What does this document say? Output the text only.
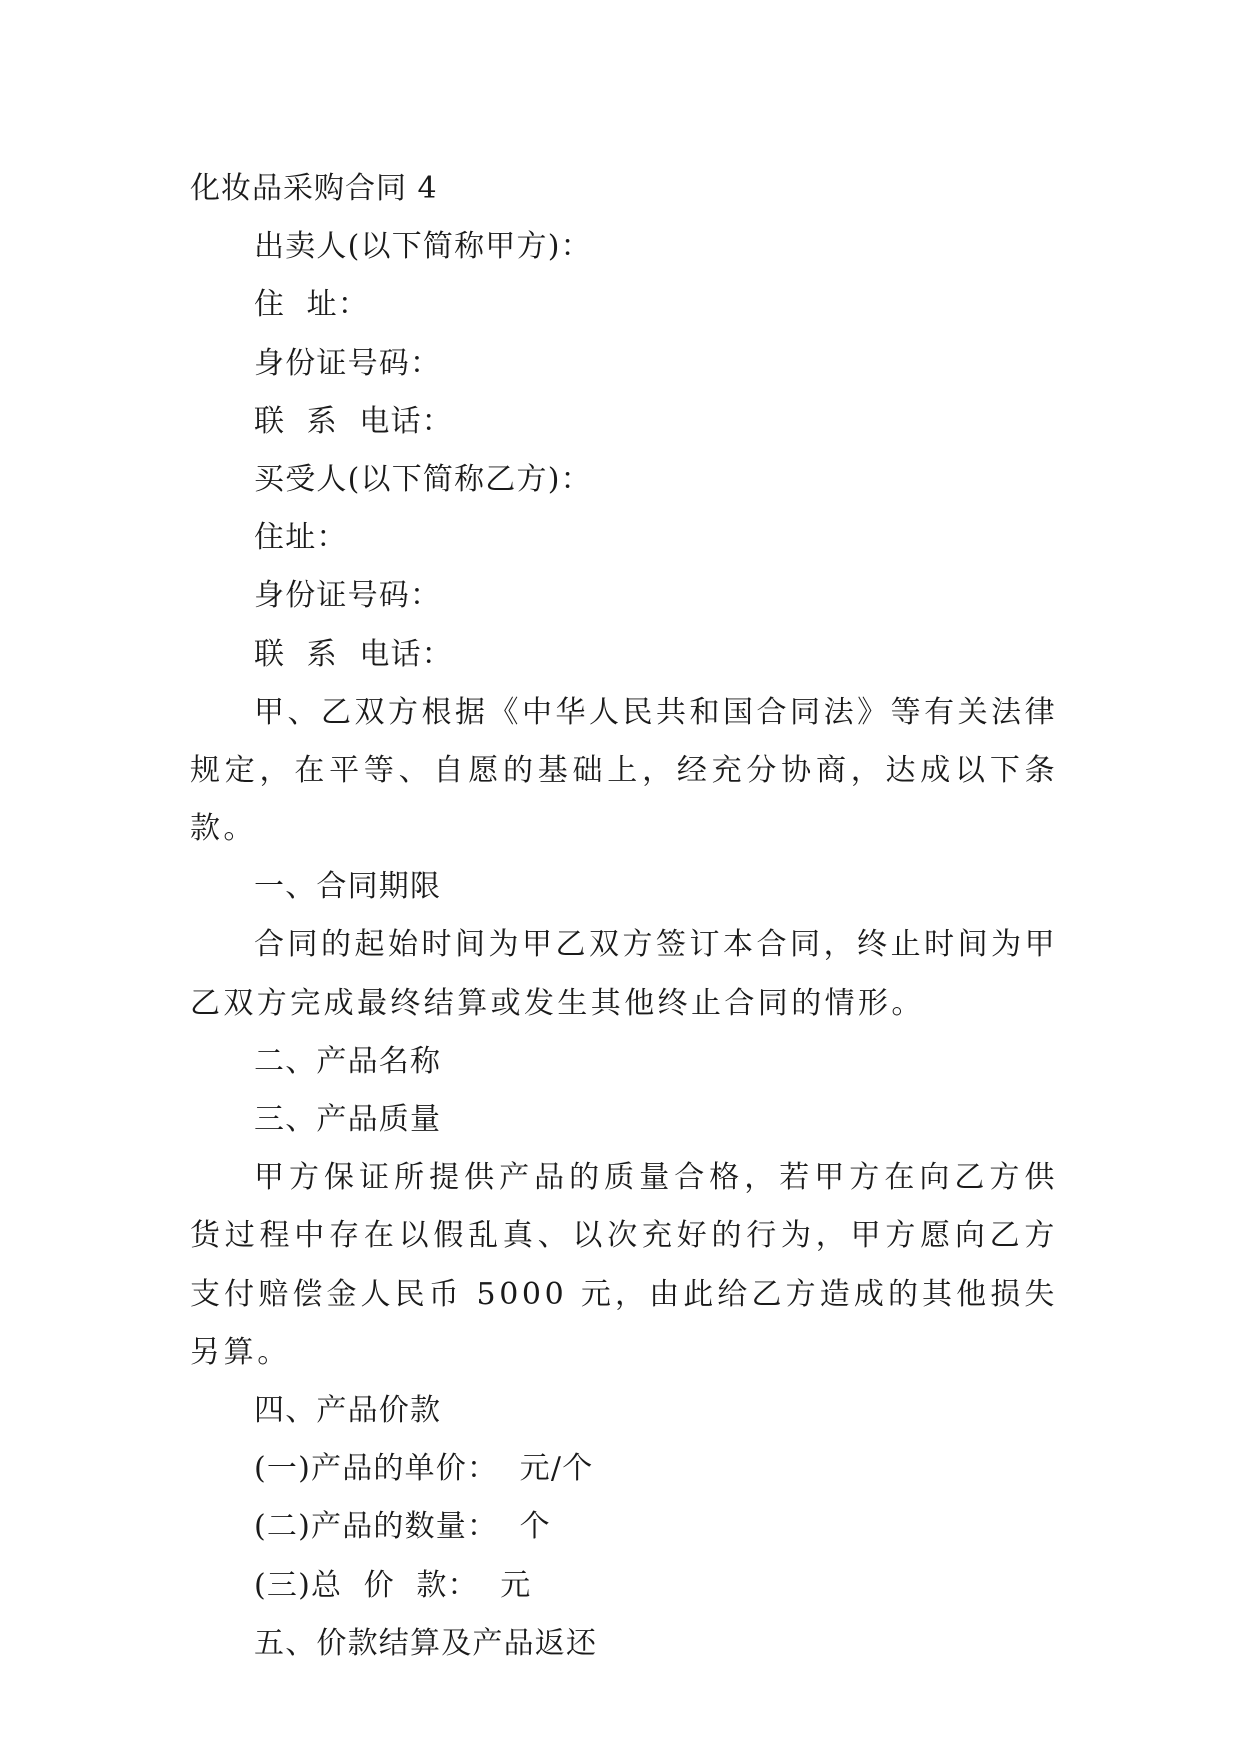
化妆品采购合同 4
出卖人(以下简称甲方)：
住  址：
身份证号码：
联  系  电话：
买受人(以下简称乙方)：
住址：
身份证号码：
联  系  电话：
甲、乙双方根据《中华人民共和国合同法》等有关法律规定，在平等、自愿的基础上，经充分协商，达成以下条款。
一、合同期限
合同的起始时间为甲乙双方签订本合同，终止时间为甲乙双方完成最终结算或发生其他终止合同的情形。
二、产品名称
三、产品质量
甲方保证所提供产品的质量合格，若甲方在向乙方供货过程中存在以假乱真、以次充好的行为，甲方愿向乙方支付赔偿金人民币 5000 元，由此给乙方造成的其他损失另算。
四、产品价款
(一)产品的单价：  元/个
(二)产品的数量：  个
(三)总  价  款：  元
五、价款结算及产品返还
